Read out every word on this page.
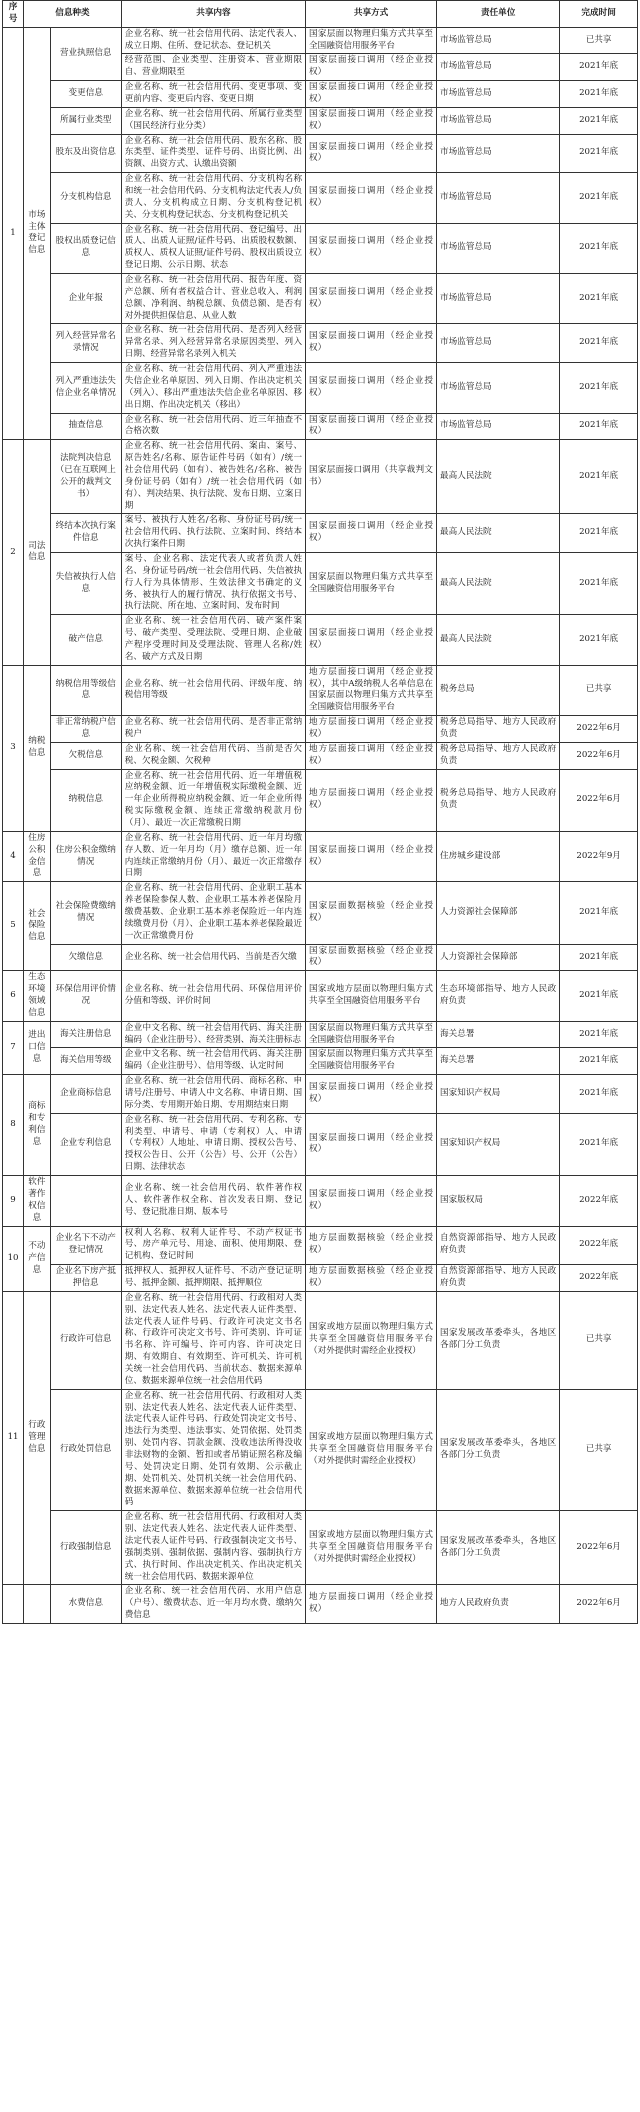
序号	信息种类		共享内容	共享方式	责任单位	完成时间
1	市场主体登记信息	营业执照信息	企业名称、统一社会信用代码、法定代表人、成立日期、住所、登记状态、登记机关	国家层面以物理归集方式共享至全国融资信用服务平台	市场监管总局	已共享
			经营范围、企业类型、注册资本、营业期限自、营业期限至	国家层面接口调用（经企业授权）	市场监管总局	2021年底
		变更信息	企业名称、统一社会信用代码、变更事项、变更前内容、变更后内容、变更日期	国家层面接口调用（经企业授权）	市场监管总局	2021年底
		所属行业类型	企业名称、统一社会信用代码、所属行业类型（国民经济行业分类）	国家层面接口调用（经企业授权）	市场监管总局	2021年底
		股东及出资信息	企业名称、统一社会信用代码、股东名称、股东类型、证件类型、证件号码、出资比例、出资额、出资方式、认缴出资额	国家层面接口调用（经企业授权）	市场监管总局	2021年底
		分支机构信息	企业名称、统一社会信用代码、分支机构名称和统一社会信用代码、分支机构法定代表人/负责人、分支机构成立日期、分支机构登记机关、分支机构登记状态、分支机构登记机关	国家层面接口调用（经企业授权）	市场监管总局	2021年底
		股权出质登记信息	企业名称、统一社会信用代码、登记编号、出质人、出质人证照/证件号码、出质股权数额、质权人、质权人证照/证件号码、股权出质设立登记日期、公示日期、状态	国家层面接口调用（经企业授权）	市场监管总局	2021年底
		企业年报	企业名称、统一社会信用代码、报告年度、资产总额、所有者权益合计、营业总收入、利润总额、净利润、纳税总额、负债总额、是否有对外提供担保信息、从业人数	国家层面接口调用（经企业授权）	市场监管总局	2021年底
		列入经营异常名录情况	企业名称、统一社会信用代码、是否列入经营异常名录、列入经营异常名录原因类型、列入日期、经营异常名录列入机关	国家层面接口调用（经企业授权）	市场监管总局	2021年底
		列入严重违法失信企业名单情况	企业名称、统一社会信用代码、列入严重违法失信企业名单原因、列入日期、作出决定机关（列入）、移出严重违法失信企业名单原因、移出日期、作出决定机关（移出）	国家层面接口调用（经企业授权）	市场监管总局	2021年底
		抽查信息	企业名称、统一社会信用代码、近三年抽查不合格次数	国家层面接口调用（经企业授权）	市场监管总局	2021年底
2	司法信息	法院判决信息（已在互联网上公开的裁判文书）	企业名称、统一社会信用代码、案由、案号、原告姓名/名称、原告证件号码（如有）/统一社会信用代码（如有）、被告姓名/名称、被告身份证号码（如有）/统一社会信用代码（如有）、判决结果、执行法院、发布日期、立案日期	国家层面接口调用（共享裁判文书）	最高人民法院	2021年底
		终结本次执行案件信息	案号、被执行人姓名/名称、身份证号码/统一社会信用代码、执行法院、立案时间、终结本次执行案件日期	国家层面接口调用（经企业授权）	最高人民法院	2021年底
		失信被执行人信息	案号、企业名称、法定代表人或者负责人姓名、身份证号码/统一社会信用代码、失信被执行人行为具体情形、生效法律文书确定的义务、被执行人的履行情况、执行依据文书号、执行法院、所在地、立案时间、发布时间	国家层面以物理归集方式共享至全国融资信用服务平台	最高人民法院	2021年底
		破产信息	企业名称、统一社会信用代码、破产案件案号、破产类型、受理法院、受理日期、企业破产程序受理时间及受理法院、管理人名称/姓名、破产方式及日期	国家层面接口调用（经企业授权）	最高人民法院	2021年底
3	纳税信息	纳税信用等级信息	企业名称、统一社会信用代码、评级年度、纳税信用等级	地方层面接口调用（经企业授权），其中A级纳税人名单信息在国家层面以物理归集方式共享至全国融资信用服务平台	税务总局	已共享
		非正常纳税户信息	企业名称、统一社会信用代码、是否非正常纳税户	地方层面接口调用（经企业授权）	税务总局指导、地方人民政府负责	2022年6月
		欠税信息	企业名称、统一社会信用代码、当前是否欠税、欠税金额、欠税种	地方层面接口调用（经企业授权）	税务总局指导、地方人民政府负责	2022年6月
		纳税信息	企业名称、统一社会信用代码、近一年增值税应纳税金额、近一年增值税实际缴税金额、近一年企业所得税应纳税金额、近一年企业所得税实际缴税金额、连续正常缴纳税款月份（月）、最近一次正常缴税日期	地方层面接口调用（经企业授权）	税务总局指导、地方人民政府负责	2022年6月
4	住房公积金信息	住房公积金缴纳情况	企业名称、统一社会信用代码、近一年月均缴存人数、近一年月均（月）缴存总额、近一年内连续正常缴纳月份（月）、最近一次正常缴存日期	国家层面接口调用（经企业授权）	住房城乡建设部	2022年9月
5	社会保险信息	社会保险费缴纳情况	企业名称、统一社会信用代码、企业职工基本养老保险参保人数、企业职工基本养老保险月缴费基数、企业职工基本养老保险近一年内连续缴费月份（月）、企业职工基本养老保险最近一次正常缴费月份	国家层面数据核验（经企业授权）	人力资源社会保障部	2021年底
		欠缴信息	企业名称、统一社会信用代码、当前是否欠缴	国家层面数据核验（经企业授权）	人力资源社会保障部	2021年底
6	生态环境领域信息	环保信用评价情况	企业名称、统一社会信用代码、环保信用评价分值和等级、评价时间	国家或地方层面以物理归集方式共享至全国融资信用服务平台	生态环境部指导、地方人民政府负责	2021年底
7	进出口信息	海关注册信息	企业中文名称、统一社会信用代码、海关注册编码（企业注册号）、经营类别、海关注册标志	国家层面以物理归集方式共享至全国融资信用服务平台	海关总署	2021年底
		海关信用等级	企业中文名称、统一社会信用代码、海关注册编码（企业注册号）、信用等级、认定时间	国家层面以物理归集方式共享至全国融资信用服务平台	海关总署	2021年底
8	商标和专利信息	企业商标信息	企业名称、统一社会信用代码、商标名称、申请号/注册号、申请人中文名称、申请日期、国际分类、专用期开始日期、专用期结束日期	国家层面接口调用（经企业授权）	国家知识产权局	2021年底
		企业专利信息	企业名称、统一社会信用代码、专利名称、专利类型、申请号、申请（专利权）人、申请（专利权）人地址、申请日期、授权公告号、授权公告日、公开（公告）号、公开（公告）日期、法律状态	国家层面接口调用（经企业授权）	国家知识产权局	2021年底
9	软件著作权信息		企业名称、统一社会信用代码、软件著作权人、软件著作权全称、首次发表日期、登记号、登记批准日期、版本号	国家层面接口调用（经企业授权）	国家版权局	2022年底
10	不动产信息	企业名下不动产登记情况	权利人名称、权利人证件号、不动产权证书号、房产单元号、用途、面积、使用期限、登记机构、登记时间	地方层面数据核验（经企业授权）	自然资源部指导、地方人民政府负责	2022年底
		企业名下房产抵押信息	抵押权人、抵押权人证件号、不动产登记证明号、抵押金额、抵押期限、抵押顺位	地方层面数据核验（经企业授权）	自然资源部指导、地方人民政府负责	2022年底
11	行政管理信息	行政许可信息	企业名称、统一社会信用代码、行政相对人类别、法定代表人姓名、法定代表人证件类型、法定代表人证件号码、行政许可决定文书名称、行政许可决定文书号、许可类别、许可证书名称、许可编号、许可内容、许可决定日期、有效期自、有效期至、许可机关、许可机关统一社会信用代码、当前状态、数据来源单位、数据来源单位统一社会信用代码	国家或地方层面以物理归集方式共享至全国融资信用服务平台（对外提供时需经企业授权）	国家发展改革委牵头，各地区各部门分工负责	已共享
		行政处罚信息	企业名称、统一社会信用代码、行政相对人类别、法定代表人姓名、法定代表人证件类型、法定代表人证件号码、行政处罚决定文书号、违法行为类型、违法事实、处罚依据、处罚类别、处罚内容、罚款金额、没收违法所得没收非法财物的金额、暂扣或者吊销证照名称及编号、处罚决定日期、处罚有效期、公示截止期、处罚机关、处罚机关统一社会信用代码、数据来源单位、数据来源单位统一社会信用代码	国家或地方层面以物理归集方式共享至全国融资信用服务平台（对外提供时需经企业授权）	国家发展改革委牵头，各地区各部门分工负责	已共享
		行政强制信息	企业名称、统一社会信用代码、行政相对人类别、法定代表人姓名、法定代表人证件类型、法定代表人证件号码、行政强制决定文书号、强制类别、强制依据、强制内容、强制执行方式、执行时间、作出决定机关、作出决定机关统一社会信用代码、数据来源单位	国家或地方层面以物理归集方式共享至全国融资信用服务平台（对外提供时需经企业授权）	国家发展改革委牵头，各地区各部门分工负责	2022年6月
		水费信息	企业名称、统一社会信用代码、水用户信息（户号）、缴费状态、近一年月均水费、缴纳欠费信息	地方层面接口调用（经企业授权）	地方人民政府负责	2022年6月
